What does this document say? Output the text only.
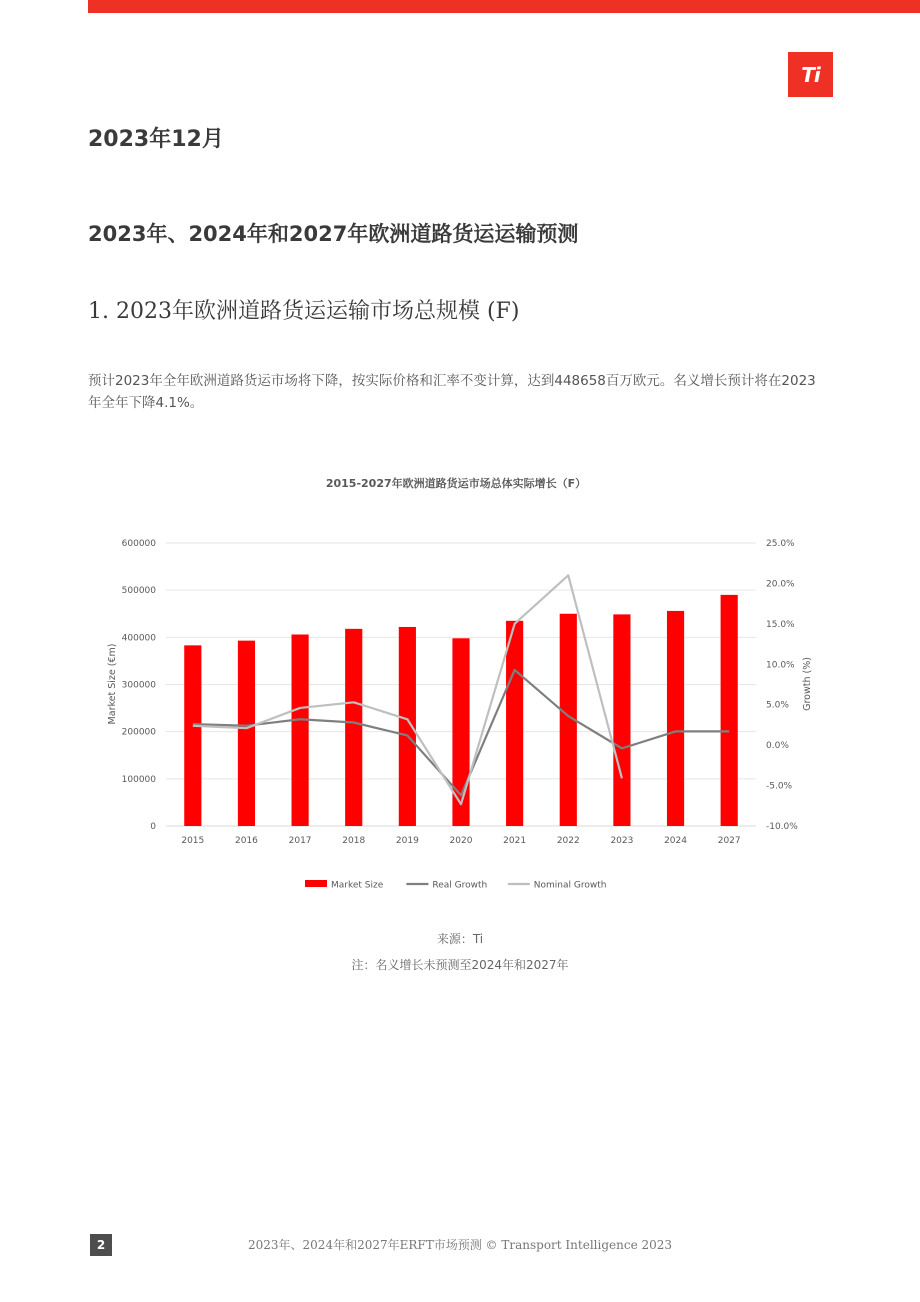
Ti
2023年12月
2023年、2024年和2027年欧洲道路货运运输预测
1. 2023年欧洲道路货运运输市场总规模 (F)
预计2023年全年欧洲道路货运市场将下降，按实际价格和汇率不变计算，达到448658百万欧元。名义增长预计将在2023年全年下降4.1%。
2015-2027年欧洲道路货运市场总体实际增长（F）
0
100000
200000
300000
400000
500000
600000
-10.0%
-5.0%
0.0%
5.0%
10.0%
15.0%
20.0%
25.0%
2015	2016	2017	2018	2019	2020	2021	2022	2023	2024	2027
Market Size (€m)	Growth (%)
Market Size	Real Growth	Nominal Growth
来源：Ti
注：名义增长未预测至2024年和2027年
2	2023年、2024年和2027年ERFT市场预测 © Transport Intelligence 2023
